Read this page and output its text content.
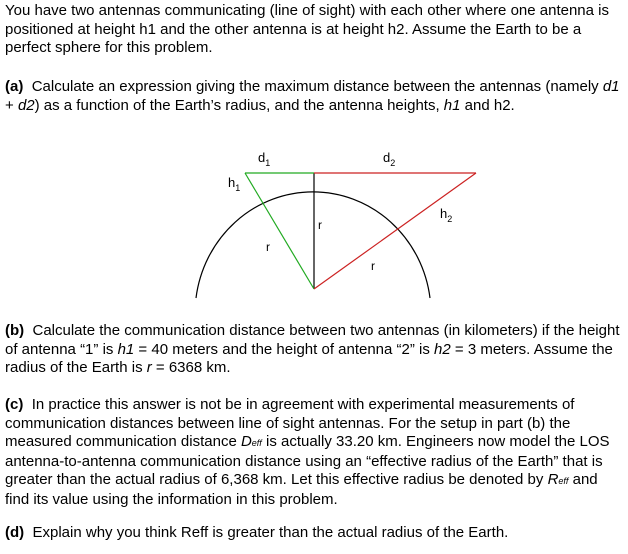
You have two antennas communicating (line of sight) with each other where one antenna is positioned at height h1 and the other antenna is at height h2. Assume the Earth to be a perfect sphere for this problem.

(a) Calculate an expression giving the maximum distance between the antennas (namely d1 + d2) as a function of the Earth’s radius, and the antenna heights, h1 and h2.

$d_1$	$d_2$
$h_1$
$h_2$
r
r
r

(b) Calculate the communication distance between two antennas (in kilometers) if the height of antenna “1” is h1 = 40 meters and the height of antenna “2” is h2 = 3 meters. Assume the radius of the Earth is r = 6368 km.

(c) In practice this answer is not be in agreement with experimental measurements of communication distances between line of sight antennas. For the setup in part (b) the measured communication distance Deff is actually 33.20 km. Engineers now model the LOS antenna-to-antenna communication distance using an “effective radius of the Earth” that is greater than the actual radius of 6,368 km. Let this effective radius be denoted by Reff and find its value using the information in this problem.

(d) Explain why you think Reff is greater than the actual radius of the Earth.
